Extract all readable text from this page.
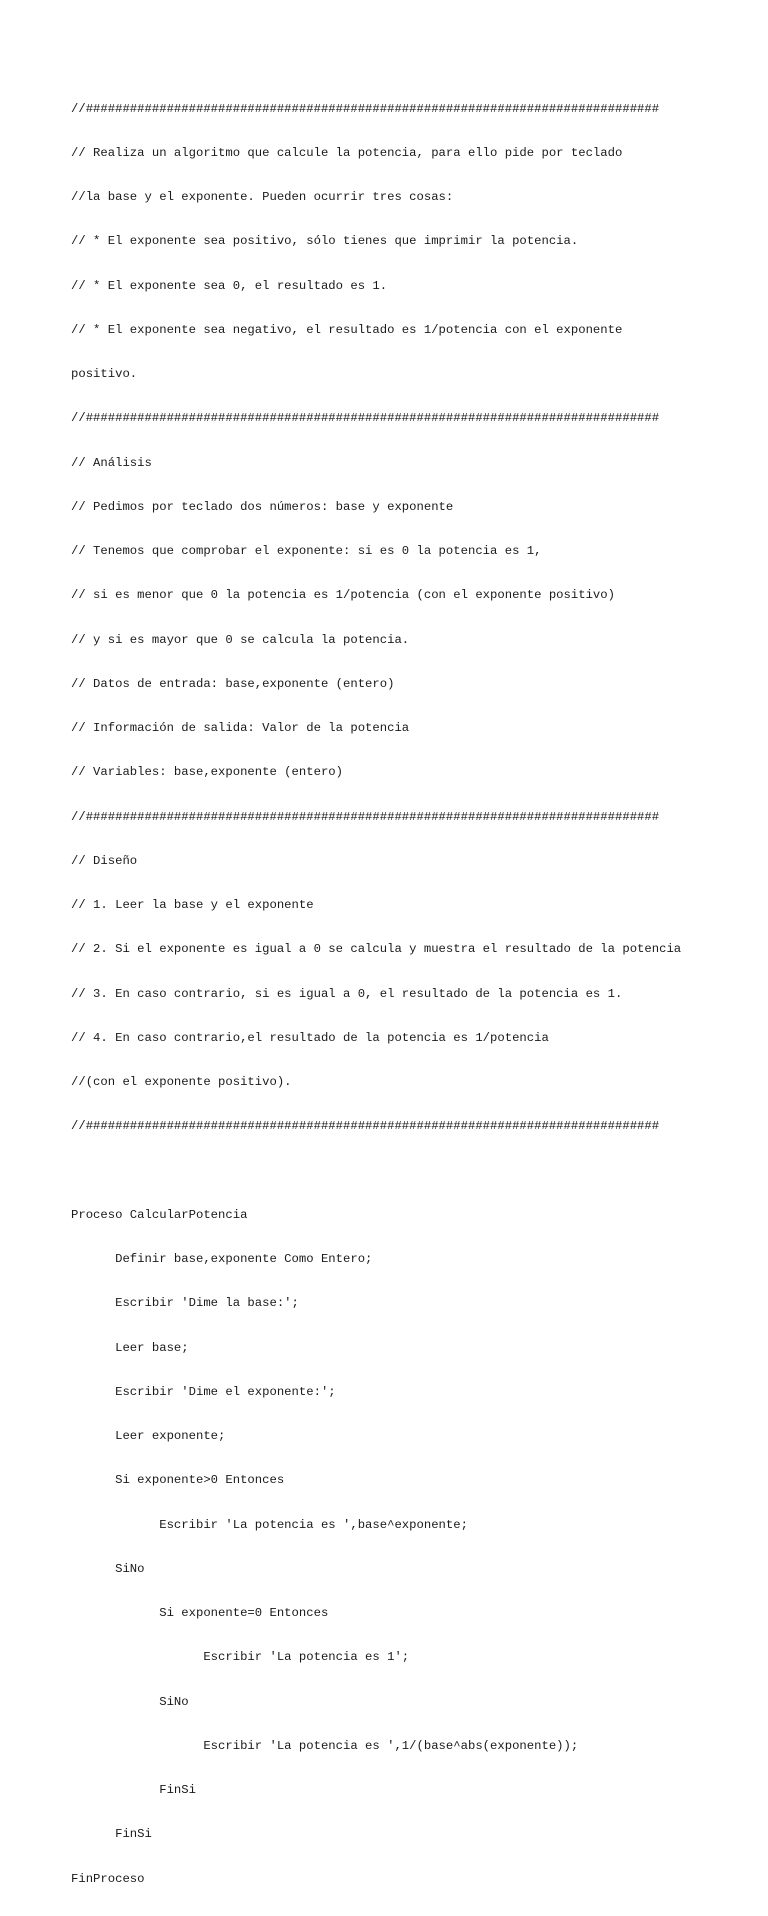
//##############################################################################

// Realiza un algoritmo que calcule la potencia, para ello pide por teclado

//la base y el exponente. Pueden ocurrir tres cosas:

// * El exponente sea positivo, sólo tienes que imprimir la potencia.

// * El exponente sea 0, el resultado es 1.

// * El exponente sea negativo, el resultado es 1/potencia con el exponente

positivo.

//##############################################################################

// Análisis

// Pedimos por teclado dos números: base y exponente

// Tenemos que comprobar el exponente: si es 0 la potencia es 1,

// si es menor que 0 la potencia es 1/potencia (con el exponente positivo)

// y si es mayor que 0 se calcula la potencia.

// Datos de entrada: base,exponente (entero)

// Información de salida: Valor de la potencia

// Variables: base,exponente (entero)

//##############################################################################

// Diseño

// 1. Leer la base y el exponente

// 2. Si el exponente es igual a 0 se calcula y muestra el resultado de la potencia

// 3. En caso contrario, si es igual a 0, el resultado de la potencia es 1.

// 4. En caso contrario,el resultado de la potencia es 1/potencia

//(con el exponente positivo).

//##############################################################################

Proceso CalcularPotencia

Definir base,exponente Como Entero;

Escribir 'Dime la base:';

Leer base;

Escribir 'Dime el exponente:';

Leer exponente;

Si exponente>0 Entonces

Escribir 'La potencia es ',base^exponente;

SiNo

Si exponente=0 Entonces

Escribir 'La potencia es 1';

SiNo

Escribir 'La potencia es ',1/(base^abs(exponente));

FinSi

FinSi

FinProceso
